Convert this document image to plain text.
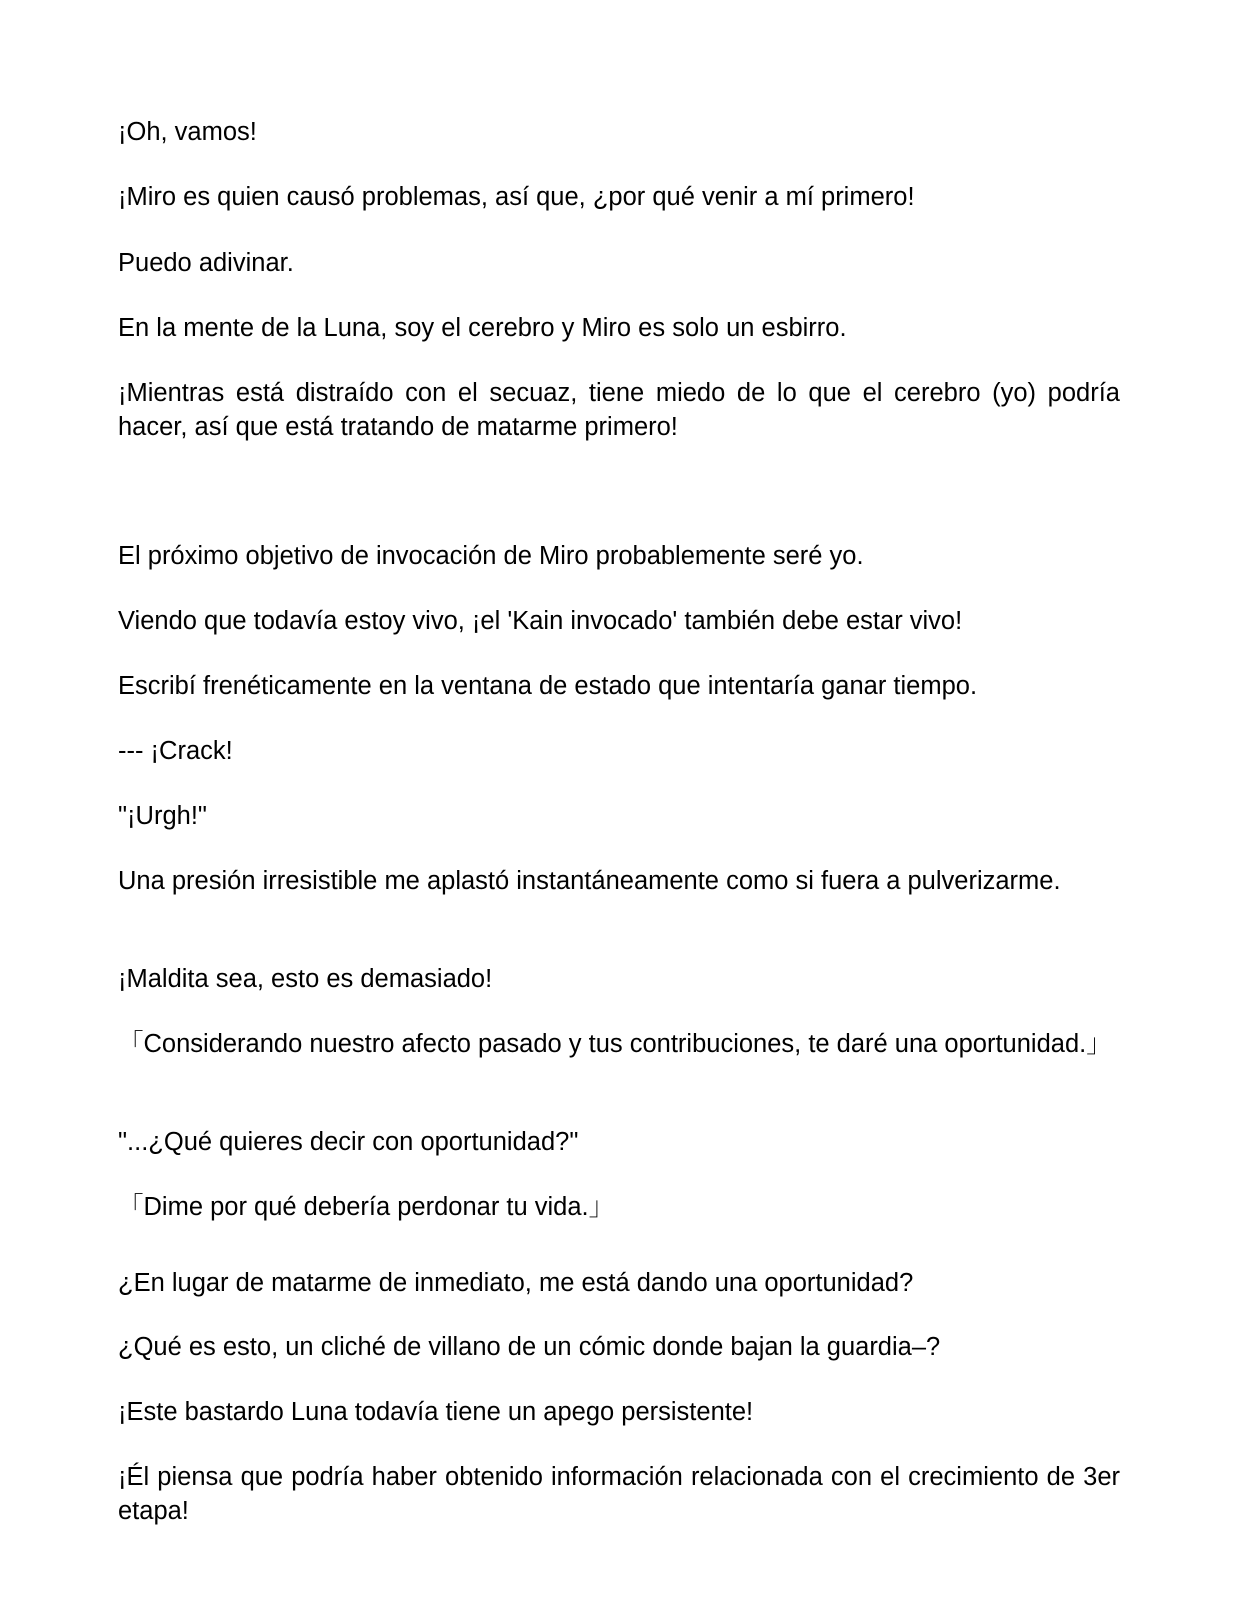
¡Oh, vamos!

¡Miro es quien causó problemas, así que, ¿por qué venir a mí primero!

Puedo adivinar.

En la mente de la Luna, soy el cerebro y Miro es solo un esbirro.

¡Mientras está distraído con el secuaz, tiene miedo de lo que el cerebro (yo) podría hacer, así que está tratando de matarme primero!

El próximo objetivo de invocación de Miro probablemente seré yo.

Viendo que todavía estoy vivo, ¡el 'Kain invocado' también debe estar vivo!

Escribí frenéticamente en la ventana de estado que intentaría ganar tiempo.

--- ¡Crack!

"¡Urgh!"

Una presión irresistible me aplastó instantáneamente como si fuera a pulverizarme.

¡Maldita sea, esto es demasiado!

「Considerando nuestro afecto pasado y tus contribuciones, te daré una oportunidad.」

"...¿Qué quieres decir con oportunidad?"

「Dime por qué debería perdonar tu vida.」

¿En lugar de matarme de inmediato, me está dando una oportunidad?

¿Qué es esto, un cliché de villano de un cómic donde bajan la guardia–?

¡Este bastardo Luna todavía tiene un apego persistente!

¡Él piensa que podría haber obtenido información relacionada con el crecimiento de 3er etapa!
